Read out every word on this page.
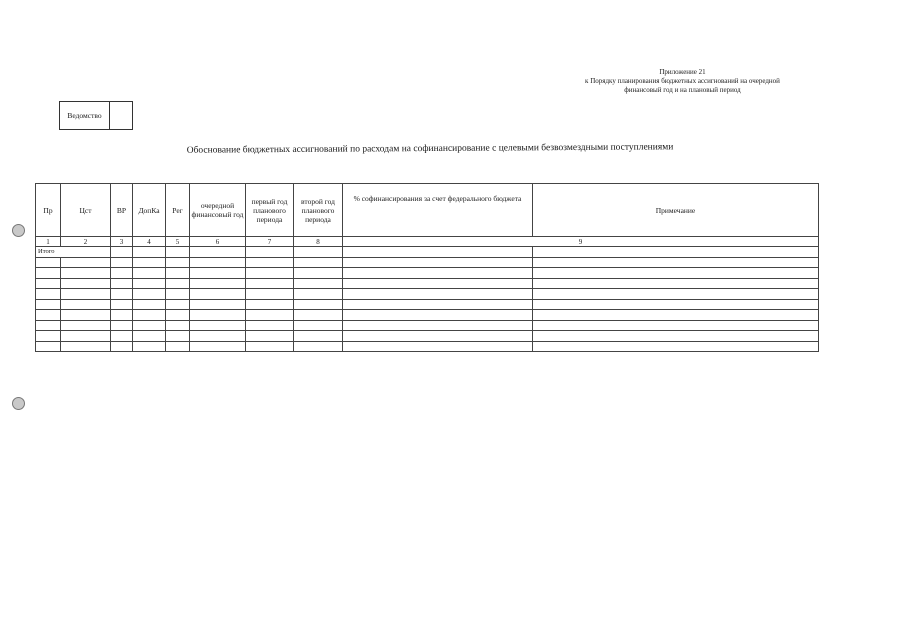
Приложение 21
к Порядку планирования бюджетных ассигнований на очередной
финансовый год и на плановый период
Ведомство
Обоснование бюджетных ассигнований по расходам на софинансирование с целевыми безвозмездными поступлениями
Пр	Цст	ВР	ДопКа	Рег	очередной финансовый год	первый год планового периода	второй год планового периода	% софинансирования за счет федерального бюджета	Примечание
1	2	3	4	5	6	7	8	9	
Итого									
